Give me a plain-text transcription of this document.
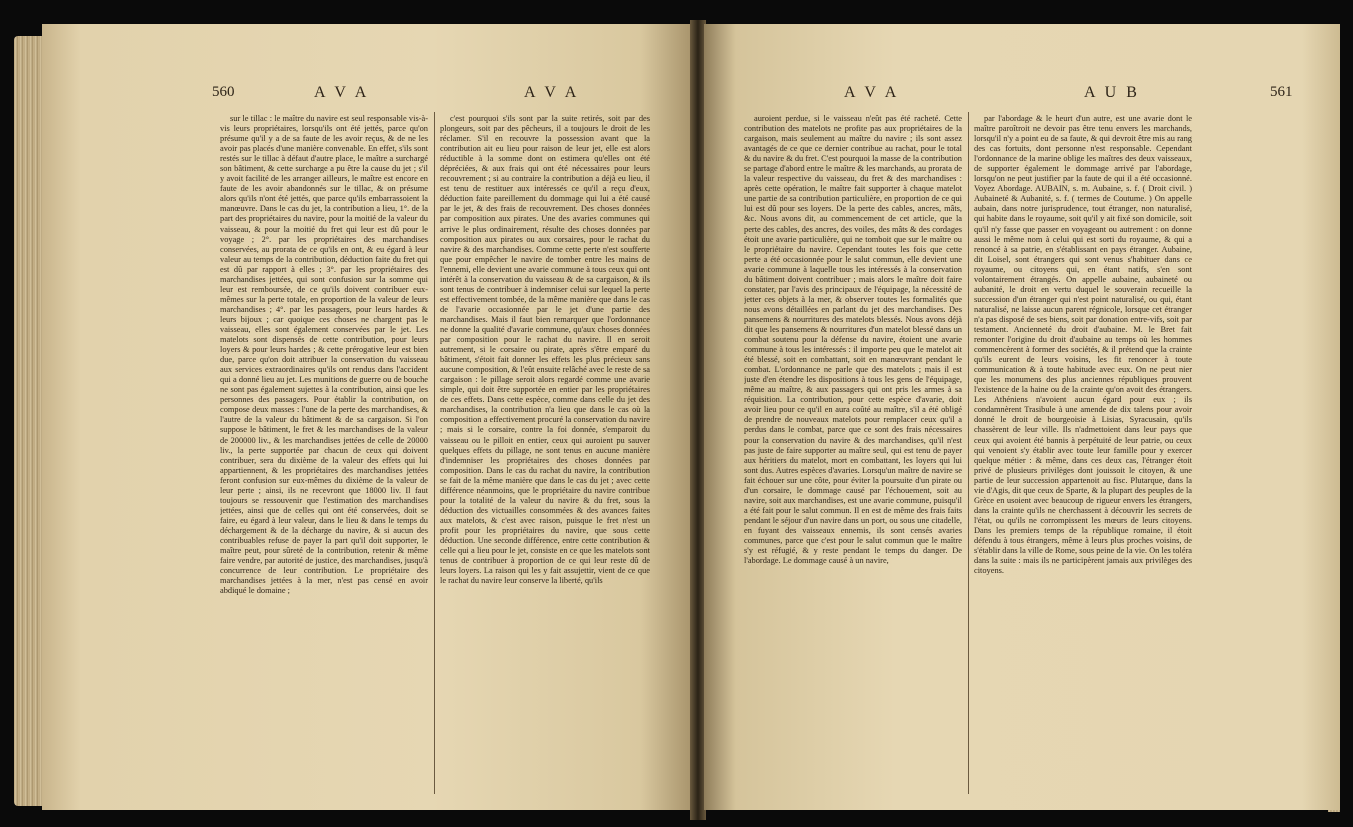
560	A V A	A V A

sur le tillac : le maître du navire est seul responsable vis-à-vis leurs propriétaires, lorsqu'ils ont été jettés, parce qu'on présume qu'il y a de sa faute de les avoir reçus, & de ne les avoir pas placés d'une manière convenable. En effet, s'ils sont restés sur le tillac à défaut d'autre place, le maître a surchargé son bâtiment, & cette surcharge a pu être la cause du jet ; s'il y avoit facilité de les arranger ailleurs, le maître est encore en faute de les avoir abandonnés sur le tillac, & on présume alors qu'ils n'ont été jettés, que parce qu'ils embarrassoient la manœuvre. Dans le cas du jet, la contribution a lieu, 1°. de la part des propriétaires du navire, pour la moitié de la valeur du vaisseau, & pour la moitié du fret qui leur est dû pour le voyage ; 2°. par les propriétaires des marchandises conservées, au prorata de ce qu'ils en ont, & eu égard à leur valeur au temps de la contribution, déduction faite du fret qui est dû par rapport à elles ; 3°. par les propriétaires des marchandises jettées, qui sont confusion sur la somme qui leur est remboursée, de ce qu'ils doivent contribuer eux-mêmes sur la perte totale, en proportion de la valeur de leurs marchandises ; 4°. par les passagers, pour leurs hardes & leurs bijoux ; car quoique ces choses ne chargent pas le vaisseau, elles sont également conservées par le jet. Les matelots sont dispensés de cette contribution, pour leurs loyers & pour leurs hardes ; & cette prérogative leur est bien due, parce qu'on doit attribuer la conservation du vaisseau aux services extraordinaires qu'ils ont rendus dans l'accident qui a donné lieu au jet. Les munitions de guerre ou de bouche ne sont pas également sujettes à la contribution, ainsi que les personnes des passagers. Pour établir la contribution, on compose deux masses : l'une de la perte des marchandises, & l'autre de la valeur du bâtiment & de sa cargaison. Si l'on suppose le bâtiment, le fret & les marchandises de la valeur de 200000 liv., & les marchandises jettées de celle de 20000 liv., la perte supportée par chacun de ceux qui doivent contribuer, sera du dixième de la valeur des effets qui lui appartiennent, & les propriétaires des marchandises jettées feront confusion sur eux-mêmes du dixième de la valeur de leur perte ; ainsi, ils ne recevront que 18000 liv. Il faut toujours se ressouvenir que l'estimation des marchandises jettées, ainsi que de celles qui ont été conservées, doit se faire, eu égard à leur valeur, dans le lieu & dans le temps du déchargement & de la décharge du navire, & si aucun des contribuables refuse de payer la part qu'il doit supporter, le maître peut, pour sûreté de la contribution, retenir & même faire vendre, par autorité de justice, des marchandises, jusqu'à concurrence de leur contribution. Le propriétaire des marchandises jettées à la mer, n'est pas censé en avoir abdiqué le domaine ;

c'est pourquoi s'ils sont par la suite retirés, soit par des plongeurs, soit par des pêcheurs, il a toujours le droit de les réclamer. S'il en recouvre la possession avant que la contribution ait eu lieu pour raison de leur jet, elle est alors réductible à la somme dont on estimera qu'elles ont été dépréciées, & aux frais qui ont été nécessaires pour leurs recouvrement ; si au contraire la contribution a déjà eu lieu, il est tenu de restituer aux intéressés ce qu'il a reçu d'eux, déduction faite pareillement du dommage qui lui a été causé par le jet, & des frais de recouvrement. Des choses données par composition aux pirates. Une des avaries communes qui arrive le plus ordinairement, résulte des choses données par composition aux pirates ou aux corsaires, pour le rachat du navire & des marchandises. Comme cette perte n'est soufferte que pour empêcher le navire de tomber entre les mains de l'ennemi, elle devient une avarie commune à tous ceux qui ont intérêt à la conservation du vaisseau & de sa cargaison, & ils sont tenus de contribuer à indemniser celui sur lequel la perte est effectivement tombée, de la même manière que dans le cas de l'avarie occasionnée par le jet d'une partie des marchandises. Mais il faut bien remarquer que l'ordonnance ne donne la qualité d'avarie commune, qu'aux choses données par composition pour le rachat du navire. Il en seroit autrement, si le corsaire ou pirate, après s'être emparé du bâtiment, s'étoit fait donner les effets les plus précieux sans aucune composition, & l'eût ensuite relâché avec le reste de sa cargaison : le pillage seroit alors regardé comme une avarie simple, qui doit être supportée en entier par les propriétaires de ces effets. Dans cette espèce, comme dans celle du jet des marchandises, la contribution n'a lieu que dans le cas où la composition a effectivement procuré la conservation du navire ; mais si le corsaire, contre la foi donnée, s'emparoit du vaisseau ou le pilloit en entier, ceux qui auroient pu sauver quelques effets du pillage, ne sont tenus en aucune manière d'indemniser les propriétaires des choses données par composition. Dans le cas du rachat du navire, la contribution se fait de la même manière que dans le cas du jet ; avec cette différence néanmoins, que le propriétaire du navire contribue pour la totalité de la valeur du navire & du fret, sous la déduction des victuailles consommées & des avances faites aux matelots, & c'est avec raison, puisque le fret n'est un profit pour les propriétaires du navire, que sous cette déduction. Une seconde différence, entre cette contribution & celle qui a lieu pour le jet, consiste en ce que les matelots sont tenus de contribuer à proportion de ce qui leur reste dû de leurs loyers. La raison qui les y fait assujettir, vient de ce que le rachat du navire leur conserve la liberté, qu'ils

A V A	A U B	561

auroient perdue, si le vaisseau n'eût pas été racheté. Cette contribution des matelots ne profite pas aux propriétaires de la cargaison, mais seulement au maître du navire ; ils sont assez avantagés de ce que ce dernier contribue au rachat, pour le total & du navire & du fret. C'est pourquoi la masse de la contribution se partage d'abord entre le maître & les marchands, au prorata de la valeur respective du vaisseau, du fret & des marchandises : après cette opération, le maître fait supporter à chaque matelot une partie de sa contribution particulière, en proportion de ce qui lui est dû pour ses loyers. De la perte des cables, ancres, mâts, &c. Nous avons dit, au commencement de cet article, que la perte des cables, des ancres, des voiles, des mâts & des cordages étoit une avarie particulière, qui ne tomboit que sur le maître ou le propriétaire du navire. Cependant toutes les fois que cette perte a été occasionnée pour le salut commun, elle devient une avarie commune à laquelle tous les intéressés à la conservation du bâtiment doivent contribuer ; mais alors le maître doit faire constater, par l'avis des principaux de l'équipage, la nécessité de jetter ces objets à la mer, & observer toutes les formalités que nous avons détaillées en parlant du jet des marchandises. Des pansemens & nourritures des matelots blessés. Nous avons déjà dit que les pansemens & nourritures d'un matelot blessé dans un combat soutenu pour la défense du navire, étoient une avarie commune à tous les intéressés : il importe peu que le matelot ait été blessé, soit en combattant, soit en manœuvrant pendant le combat. L'ordonnance ne parle que des matelots ; mais il est juste d'en étendre les dispositions à tous les gens de l'équipage, même au maître, & aux passagers qui ont pris les armes à sa réquisition. La contribution, pour cette espèce d'avarie, doit avoir lieu pour ce qu'il en aura coûté au maître, s'il a été obligé de prendre de nouveaux matelots pour remplacer ceux qu'il a perdus dans le combat, parce que ce sont des frais nécessaires pour la conservation du navire & des marchandises, qu'il n'est pas juste de faire supporter au maître seul, qui est tenu de payer aux héritiers du matelot, mort en combattant, les loyers qui lui sont dus. Autres espèces d'avaries. Lorsqu'un maître de navire se fait échouer sur une côte, pour éviter la poursuite d'un pirate ou d'un corsaire, le dommage causé par l'échouement, soit au navire, soit aux marchandises, est une avarie commune, puisqu'il a été fait pour le salut commun. Il en est de même des frais faits pendant le séjour d'un navire dans un port, ou sous une citadelle, en fuyant des vaisseaux ennemis, ils sont censés avaries communes, parce que c'est pour le salut commun que le maître s'y est réfugié, & y reste pendant le temps du danger. De l'abordage. Le dommage causé à un navire,

par l'abordage & le heurt d'un autre, est une avarie dont le maître paroîtroit ne devoir pas être tenu envers les marchands, lorsqu'il n'y a point eu de sa faute, & qui devroit être mis au rang des cas fortuits, dont personne n'est responsable. Cependant l'ordonnance de la marine oblige les maîtres des deux vaisseaux, de supporter également le dommage arrivé par l'abordage, lorsqu'on ne peut justifier par la faute de qui il a été occasionné. Voyez Abordage. AUBAIN, s. m. Aubaine, s. f. ( Droit civil. ) Aubaineté & Aubanité, s. f. ( termes de Coutume. ) On appelle aubain, dans notre jurisprudence, tout étranger, non naturalisé, qui habite dans le royaume, soit qu'il y ait fixé son domicile, soit qu'il n'y fasse que passer en voyageant ou autrement : on donne aussi le même nom à celui qui est sorti du royaume, & qui a renoncé à sa patrie, en s'établissant en pays étranger. Aubaine, dit Loisel, sont étrangers qui sont venus s'habituer dans ce royaume, ou citoyens qui, en étant natifs, s'en sont volontairement étrangés. On appelle aubaine, aubaineté ou aubanité, le droit en vertu duquel le souverain recueille la succession d'un étranger qui n'est point naturalisé, ou qui, étant naturalisé, ne laisse aucun parent régnicole, lorsque cet étranger n'a pas disposé de ses biens, soit par donation entre-vifs, soit par testament. Ancienneté du droit d'aubaine. M. le Bret fait remonter l'origine du droit d'aubaine au temps où les hommes commencèrent à former des sociétés, & il prétend que la crainte qu'ils eurent de leurs voisins, les fit renoncer à toute communication & à toute habitude avec eux. On ne peut nier que les monumens des plus anciennes républiques prouvent l'existence de la haine ou de la crainte qu'on avoit des étrangers. Les Athéniens n'avoient aucun égard pour eux ; ils condamnèrent Trasibule à une amende de dix talens pour avoir donné le droit de bourgeoisie à Lisias, Syracusain, qu'ils chassèrent de leur ville. Ils n'admettoient dans leur pays que ceux qui avoient été bannis à perpétuité de leur patrie, ou ceux qui venoient s'y établir avec toute leur famille pour y exercer quelque métier : & même, dans ces deux cas, l'étranger étoit privé de plusieurs privilèges dont jouissoit le citoyen, & une partie de leur succession appartenoit au fisc. Plutarque, dans la vie d'Agis, dit que ceux de Sparte, & la plupart des peuples de la Grèce en usoient avec beaucoup de rigueur envers les étrangers, dans la crainte qu'ils ne cherchassent à découvrir les secrets de l'état, ou qu'ils ne corrompissent les mœurs de leurs citoyens. Dans les premiers temps de la république romaine, il étoit défendu à tous étrangers, même à leurs plus proches voisins, de s'établir dans la ville de Rome, sous peine de la vie. On les toléra dans la suite : mais ils ne participèrent jamais aux privilèges des citoyens.
